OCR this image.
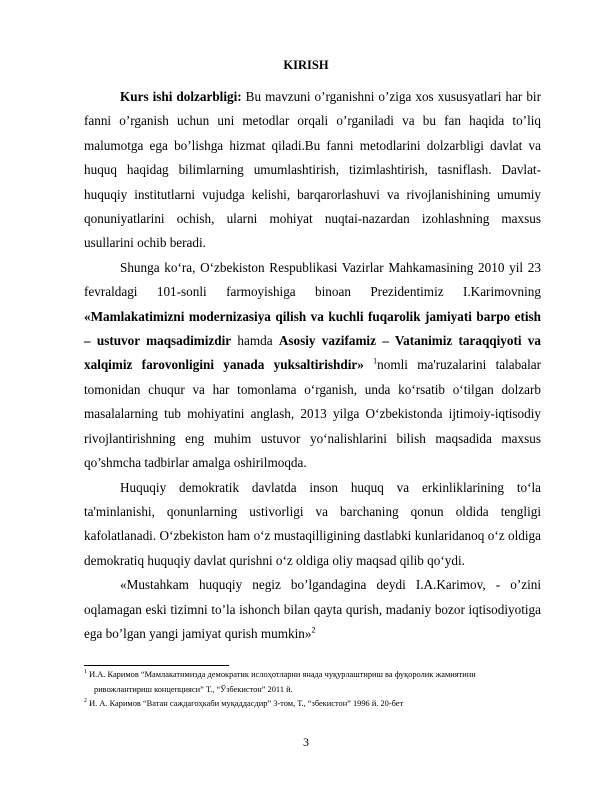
KIRISH

Kurs ishi dolzarbligi: Bu mavzuni o’rganishni o’ziga xos xususyatlari har bir fanni o’rganish uchun uni metodlar orqali o’rganiladi va bu fan haqida to’liq malumotga ega bo’lishga hizmat qiladi.Bu fanni metodlarini dolzarbligi davlat va huquq haqidag bilimlarning umumlashtirish, tizimlashtirish, tasniflash. Davlat-huquqiy institutlarni vujudga kelishi, barqarorlashuvi va rivojlanishining umumiy qonuniyatlarini ochish, ularni mohiyat nuqtai-nazardan izohlashning maxsus usullarini ochib beradi.

Shunga ko‘ra, O‘zbekiston Respublikasi Vazirlar Mahkamasining 2010 yil 23 fevraldagi 101-sonli farmoyishiga binoan Prezidentimiz I.Karimovning «Mamlakatimizni modernizasiya qilish va kuchli fuqarolik jamiyati barpo etish – ustuvor maqsadimizdir hamda Asosiy vazifamiz – Vatanimiz taraqqiyoti va xalqimiz farovonligini yanada yuksaltirishdir» $^1$nomli ma'ruzalarini talabalar tomonidan chuqur va har tomonlama o‘rganish, unda ko‘rsatib o‘tilgan dolzarb masalalarning tub mohiyatini anglash, 2013 yilga O‘zbekistonda ijtimoiy-iqtisodiy rivojlantirishning eng muhim ustuvor yo‘nalishlarini bilish maqsadida maxsus qo’shmcha tadbirlar amalga oshirilmoqda.

Huquqiy demokratik davlatda inson huquq va erkinliklarining to‘la ta'minlanishi, qonunlarning ustivorligi va barchaning qonun oldida tengligi kafolatlanadi. O‘zbekiston ham o‘z mustaqilligining dastlabki kunlaridanoq o‘z oldiga demokratiq huquqiy davlat qurishni o‘z oldiga oliy maqsad qilib qo‘ydi.

«Mustahkam huquqiy negiz bo’lgandagina deydi I.A.Karimov, - o’zini oqlamagan eski tizimni to’la ishonch bilan qayta qurish, madaniy bozor iqtisodiyotiga ega bo’lgan yangi jamiyat qurish mumkin»$^2$

$^1$ И.А. Каримов “Мамлакатимизда демократик ислоҳотларни янада чуқурлаштириш ва фуқоролик жамиятини
ривожлантириш концепцияси” Т., “Ўзбекистон” 2011 й.

$^2$ И. А. Каримов “Ватан саждагоҳкаби муқаддасдир” 3-том, Т., “збекистон” 1996 й. 20-бет

3
